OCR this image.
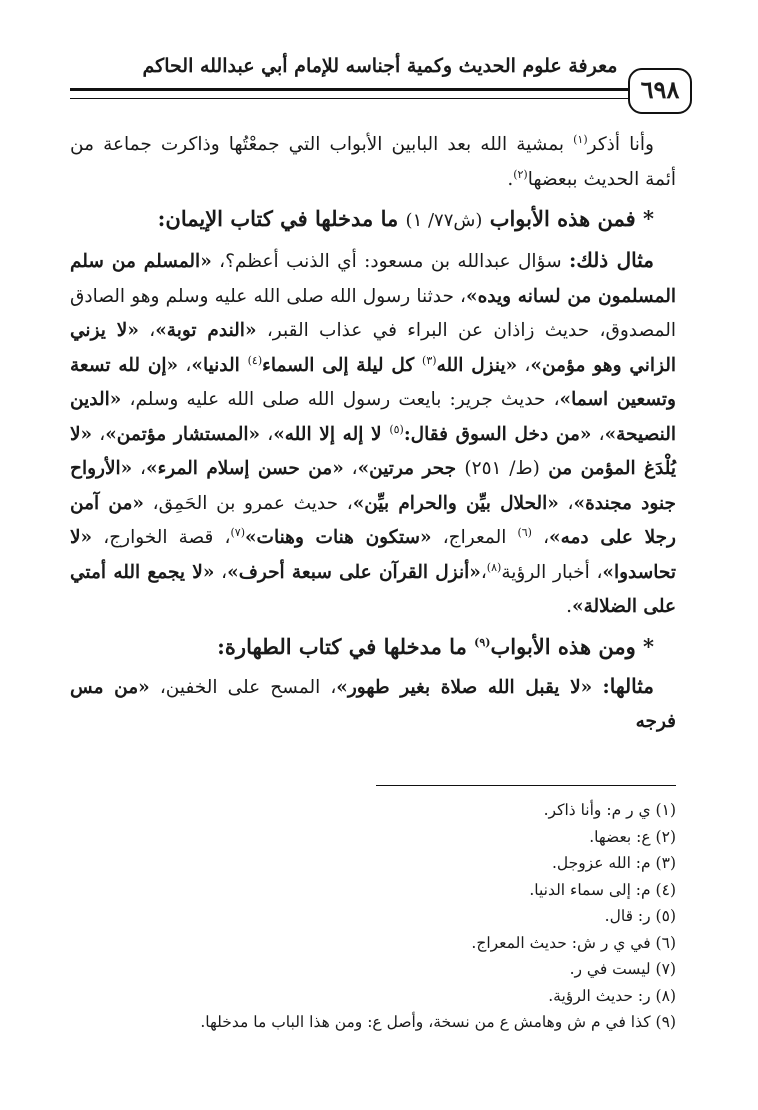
معرفة علوم الحديث وكمية أجناسه للإمام أبي عبدالله الحاكم
٦٩٨

وأنا أذكر$^{(١)}$ بمشية الله بعد البابين الأبواب التي جمعْتُها وذاكرت جماعة من أئمة الحديث ببعضها$^{(٢)}$.

* فمن هذه الأبواب (ش٧٧/ ١) ما مدخلها في كتاب الإيمان:

مثال ذلك: سؤال عبدالله بن مسعود: أي الذنب أعظم؟، «المسلم من سلم المسلمون من لسانه ويده»، حدثنا رسول الله صلى الله عليه وسلم وهو الصادق المصدوق، حديث زاذان عن البراء في عذاب القبر، «الندم توبة»، «لا يزني الزاني وهو مؤمن»، «ينزل الله$^{(٣)}$ كل ليلة إلى السماء$^{(٤)}$ الدنيا»، «إن لله تسعة وتسعين اسما»، حديث جرير: بايعت رسول الله صلى الله عليه وسلم، «الدين النصيحة»، «من دخل السوق فقال:$^{(٥)}$ لا إله إلا الله»، «المستشار مؤتمن»، «لا يُلْدَغ المؤمن من (ط/ ٢٥١) جحر مرتين»، «من حسن إسلام المرء»، «الأرواح جنود مجندة»، «الحلال بيِّن والحرام بيِّن»، حديث عمرو بن الحَمِق، «من آمن رجلا على دمه»، $^{(٦)}$ المعراج، «ستكون هنات وهنات»$^{(٧)}$، قصة الخوارج، «لا تحاسدوا»، أخبار الرؤية$^{(٨)}$،«أنزل القرآن على سبعة أحرف»، «لا يجمع الله أمتي على الضلالة».

* ومن هذه الأبواب$^{(٩)}$ ما مدخلها في كتاب الطهارة:

مثالها: «لا يقبل الله صلاة بغير طهور»، المسح على الخفين، «من مس فرجه

(١) ي ر م: وأنا ذاكر.
(٢) ع: بعضها.
(٣) م: الله عزوجل.
(٤) م: إلى سماء الدنيا.
(٥) ر: قال.
(٦) في ي ر ش: حديث المعراج.
(٧) ليست في ر.
(٨) ر: حديث الرؤية.
(٩) كذا في م ش وهامش ع من نسخة، وأصل ع: ومن هذا الباب ما مدخلها.
